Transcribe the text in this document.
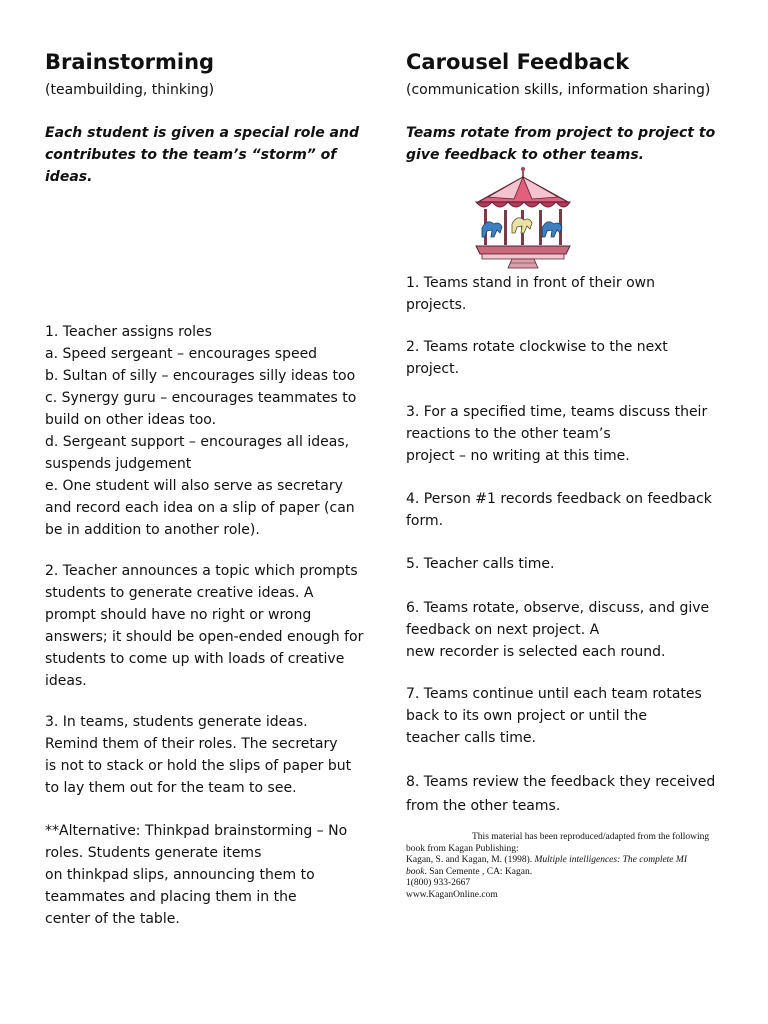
Brainstorming
(teambuilding, thinking)
Each student is given a special role and
contributes to the team’s “storm” of
ideas.
1. Teacher assigns roles
a. Speed sergeant – encourages speed
b. Sultan of silly – encourages silly ideas too
c. Synergy guru – encourages teammates to
build on other ideas too.
d. Sergeant support – encourages all ideas,
suspends judgement
e. One student will also serve as secretary
and record each idea on a slip of paper (can
be in addition to another role).
2. Teacher announces a topic which prompts
students to generate creative ideas. A
prompt should have no right or wrong
answers; it should be open-ended enough for
students to come up with loads of creative
ideas.
3. In teams, students generate ideas.
Remind them of their roles. The secretary
is not to stack or hold the slips of paper but
to lay them out for the team to see.
**Alternative: Thinkpad brainstorming – No
roles. Students generate items
on thinkpad slips, announcing them to
teammates and placing them in the
center of the table.
Carousel Feedback
(communication skills, information sharing)
Teams rotate from project to project to
give feedback to other teams.
1. Teams stand in front of their own
projects.
2. Teams rotate clockwise to the next
project.
3. For a specified time, teams discuss their
reactions to the other team’s
project – no writing at this time.
4. Person #1 records feedback on feedback
form.
5. Teacher calls time.
6. Teams rotate, observe, discuss, and give
feedback on next project. A
new recorder is selected each round.
7. Teams continue until each team rotates
back to its own project or until the
teacher calls time.
8. Teams review the feedback they received
from the other teams.
This material has been reproduced/adapted from the following
book from Kagan Publishing:
Kagan, S. and Kagan, M. (1998). Multiple intelligences: The complete MI
book. San Cemente , CA: Kagan.
1(800) 933-2667
www.KaganOnline.com
